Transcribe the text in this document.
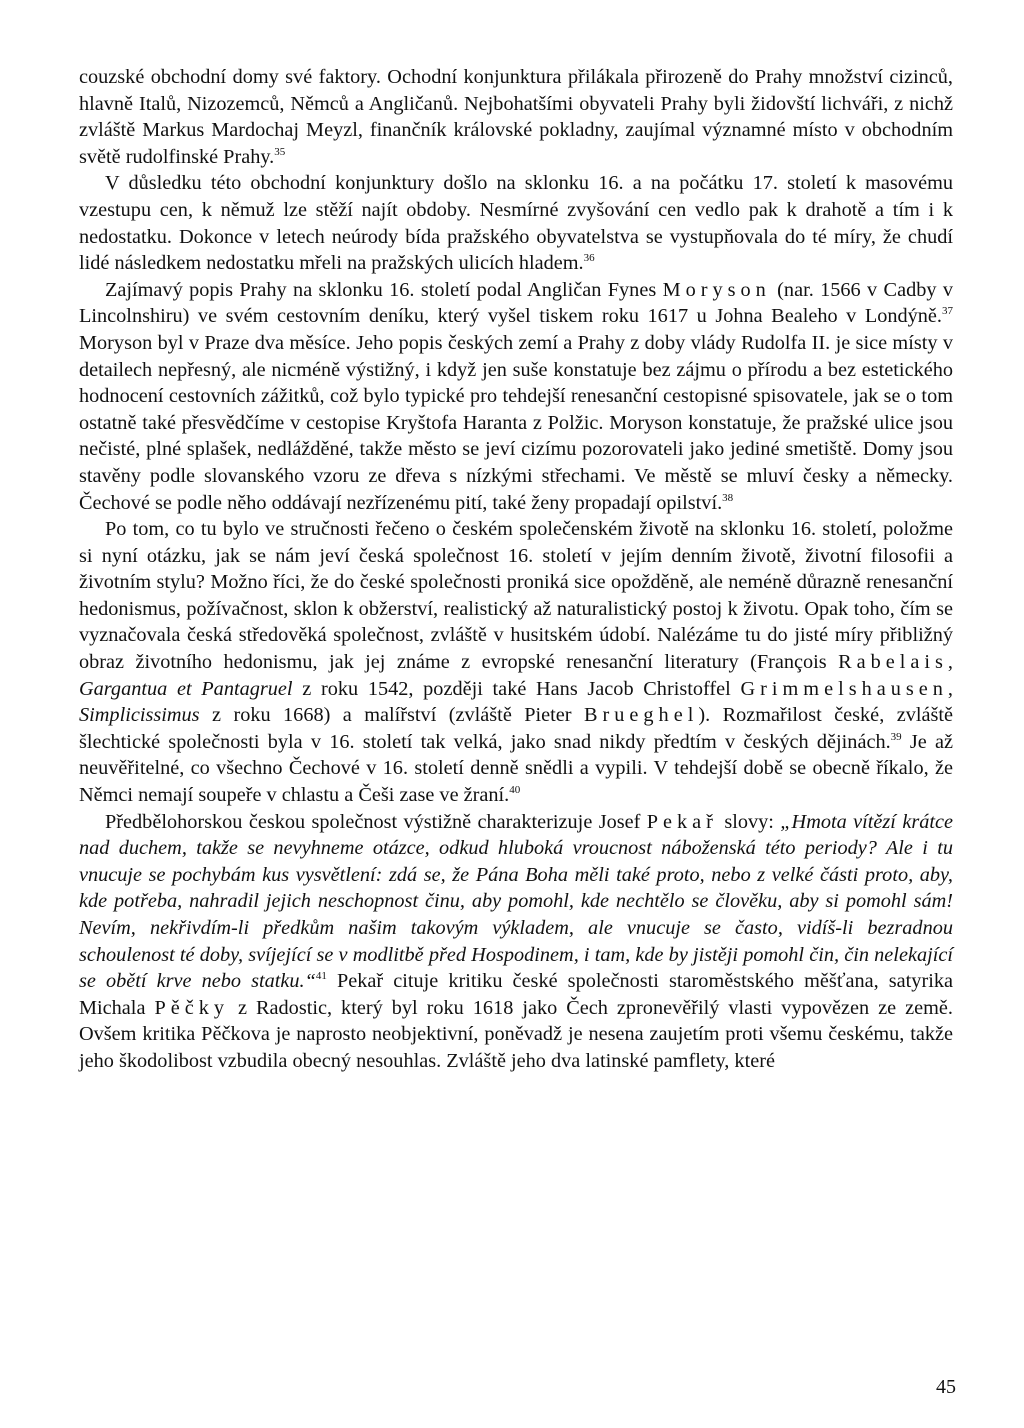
couzské obchodní domy své faktory. Ochodní konjunktura přilákala přirozeně do Prahy množství cizinců, hlavně Italů, Nizozemců, Němců a Angličanů. Nejbohatšími obyvateli Prahy byli židovští lichváři, z nichž zvláště Markus Mardochaj Meyzl, finančník královské pokladny, zaujímal významné místo v obchodním světě rudolfinské Prahy.$^{35}$

V důsledku této obchodní konjunktury došlo na sklonku 16. a na počátku 17. století k masovému vzestupu cen, k němuž lze stěží najít obdoby. Nesmírné zvyšování cen vedlo pak k drahotě a tím i k nedostatku. Dokonce v letech neúrody bída pražského obyvatelstva se vystupňovala do té míry, že chudí lidé následkem nedostatku mřeli na pražských ulicích hladem.$^{36}$

Zajímavý popis Prahy na sklonku 16. století podal Angličan Fynes Moryson (nar. 1566 v Cadby v Lincolnshiru) ve svém cestovním deníku, který vyšel tiskem roku 1617 u Johna Bealeho v Londýně.$^{37}$ Moryson byl v Praze dva měsíce. Jeho popis českých zemí a Prahy z doby vlády Rudolfa II. je sice místy v detailech nepřesný, ale nicméně výstižný, i když jen suše konstatuje bez zájmu o přírodu a bez estetického hodnocení cestovních zážitků, což bylo typické pro tehdejší renesanční cestopisné spisovatele, jak se o tom ostatně také přesvědčíme v cestopise Kryštofa Haranta z Polžic. Moryson konstatuje, že pražské ulice jsou nečisté, plné splašek, nedlážděné, takže město se jeví cizímu pozorovateli jako jediné smetiště. Domy jsou stavěny podle slovanského vzoru ze dřeva s nízkými střechami. Ve městě se mluví česky a německy. Čechové se podle něho oddávají nezřízenému pití, také ženy propadají opilství.$^{38}$

Po tom, co tu bylo ve stručnosti řečeno o českém společenském životě na sklonku 16. století, položme si nyní otázku, jak se nám jeví česká společnost 16. století v jejím denním životě, životní filosofii a životním stylu? Možno říci, že do české společnosti proniká sice opožděně, ale neméně důrazně renesanční hedonismus, požívačnost, sklon k obžerství, realistický až naturalistický postoj k životu. Opak toho, čím se vyznačovala česká středověká společnost, zvláště v husitském údobí. Nalézáme tu do jisté míry přibližný obraz životního hedonismu, jak jej známe z evropské renesanční literatury (François Rabelais, Gargantua et Pantagruel z roku 1542, později také Hans Jacob Christoffel Grimmelshausen, Simplicissimus z roku 1668) a malířství (zvláště Pieter Brueghel). Rozmařilost české, zvláště šlechtické společnosti byla v 16. století tak velká, jako snad nikdy předtím v českých dějinách.$^{39}$ Je až neuvěřitelné, co všechno Čechové v 16. století denně snědli a vypili. V tehdejší době se obecně říkalo, že Němci nemají soupeře v chlastu a Češi zase ve žraní.$^{40}$

Předbělohorskou českou společnost výstižně charakterizuje Josef Pekař slovy: „Hmota vítězí krátce nad duchem, takže se nevyhneme otázce, odkud hluboká vroucnost náboženská této periody? Ale i tu vnucuje se pochybám kus vysvětlení: zdá se, že Pána Boha měli také proto, nebo z velké části proto, aby, kde potřeba, nahradil jejich neschopnost činu, aby pomohl, kde nechtělo se člověku, aby si pomohl sám! Nevím, nekřivdím-li předkům našim takovým výkladem, ale vnucuje se často, vidíš-li bezradnou schoulenost té doby, svíjející se v modlitbě před Hospodinem, i tam, kde by jistěji pomohl čin, čin nelekající se obětí krve nebo statku.“$^{41}$ Pekař cituje kritiku české společnosti staroměstského měšťana, satyrika Michala Pěčky z Radostic, který byl roku 1618 jako Čech zpronevěřilý vlasti vypovězen ze země. Ovšem kritika Pěčkova je naprosto neobjektivní, poněvadž je nesena zaujetím proti všemu českému, takže jeho škodolibost vzbudila obecný nesouhlas. Zvláště jeho dva latinské pamflety, které

45
